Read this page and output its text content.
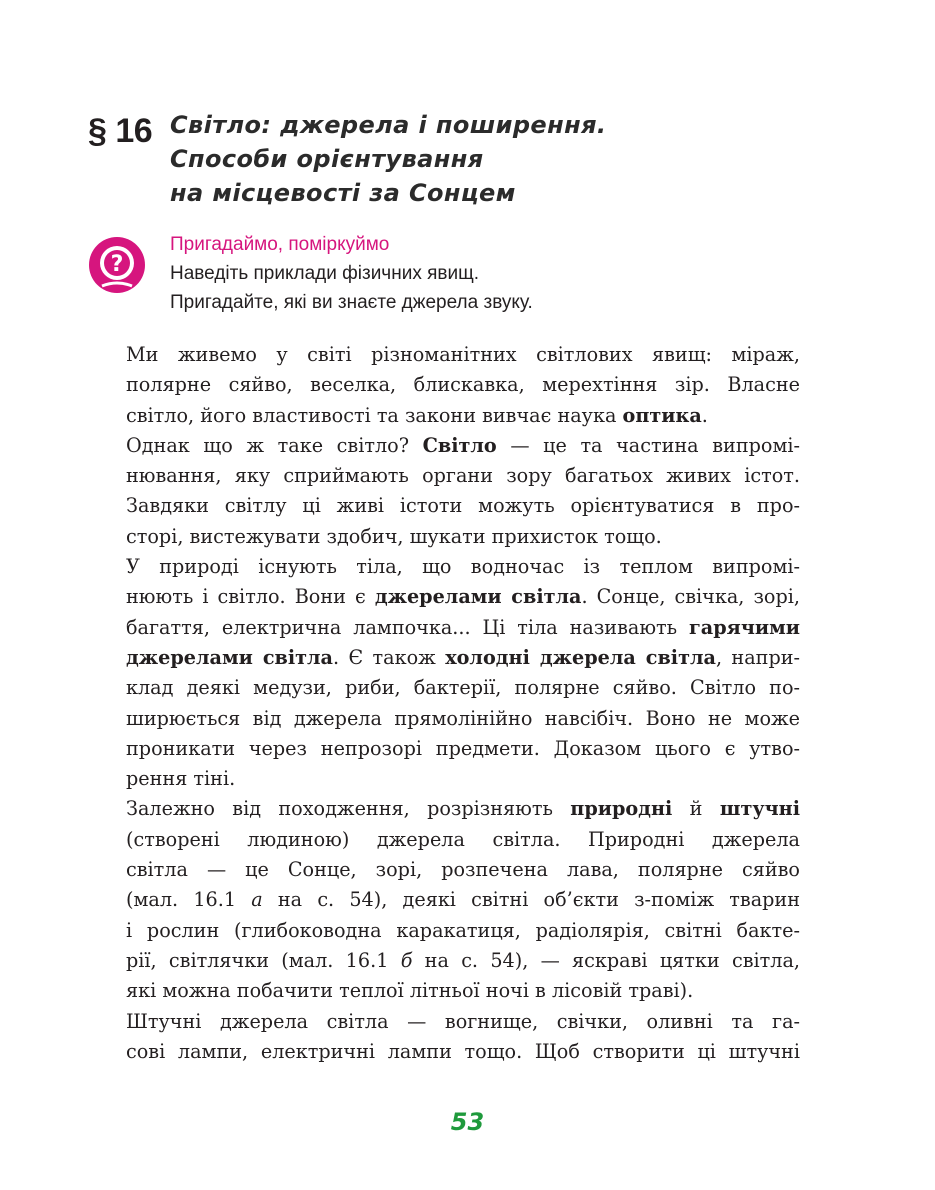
§ 16 Світло: джерела і поширення.
Способи орієнтування
на місцевості за Сонцем
?
Пригадаймо, поміркуймо
Наведіть приклади фізичних явищ.
Пригадайте, які ви знаєте джерела звуку.
Ми живемо у світі різноманітних світлових явищ: міраж,
полярне сяйво, веселка, блискавка, мерехтіння зір. Власне
світло, його властивості та закони вивчає наука оптика.
Однак що ж таке світло? Світло — це та частина випромі-
нювання, яку сприймають органи зору багатьох живих істот.
Завдяки світлу ці живі істоти можуть орієнтуватися в про-
сторі, вистежувати здобич, шукати прихисток тощо.
У природі існують тіла, що водночас із теплом випромі-
нюють і світло. Вони є джерелами світла. Сонце, свічка, зорі,
багаття, електрична лампочка... Ці тіла називають гарячими
джерелами світла. Є також холодні джерела світла, напри-
клад деякі медузи, риби, бактерії, полярне сяйво. Світло по-
ширюється від джерела прямолінійно навсібіч. Воно не може
проникати через непрозорі предмети. Доказом цього є утво-
рення тіні.
Залежно від походження, розрізняють природні й штучні
(створені людиною) джерела світла. Природні джерела
світла — це Сонце, зорі, розпечена лава, полярне сяйво
(мал. 16.1 а на с. 54), деякі світні об’єкти з-поміж тварин
і рослин (глибоководна каракатиця, радіолярія, світні бакте-
рії, світлячки (мал. 16.1 б на с. 54), — яскраві цятки світла,
які можна побачити теплої літньої ночі в лісовій траві).
Штучні джерела світла — вогнище, свічки, оливні та га-
сові лампи, електричні лампи тощо. Щоб створити ці штучні
53
